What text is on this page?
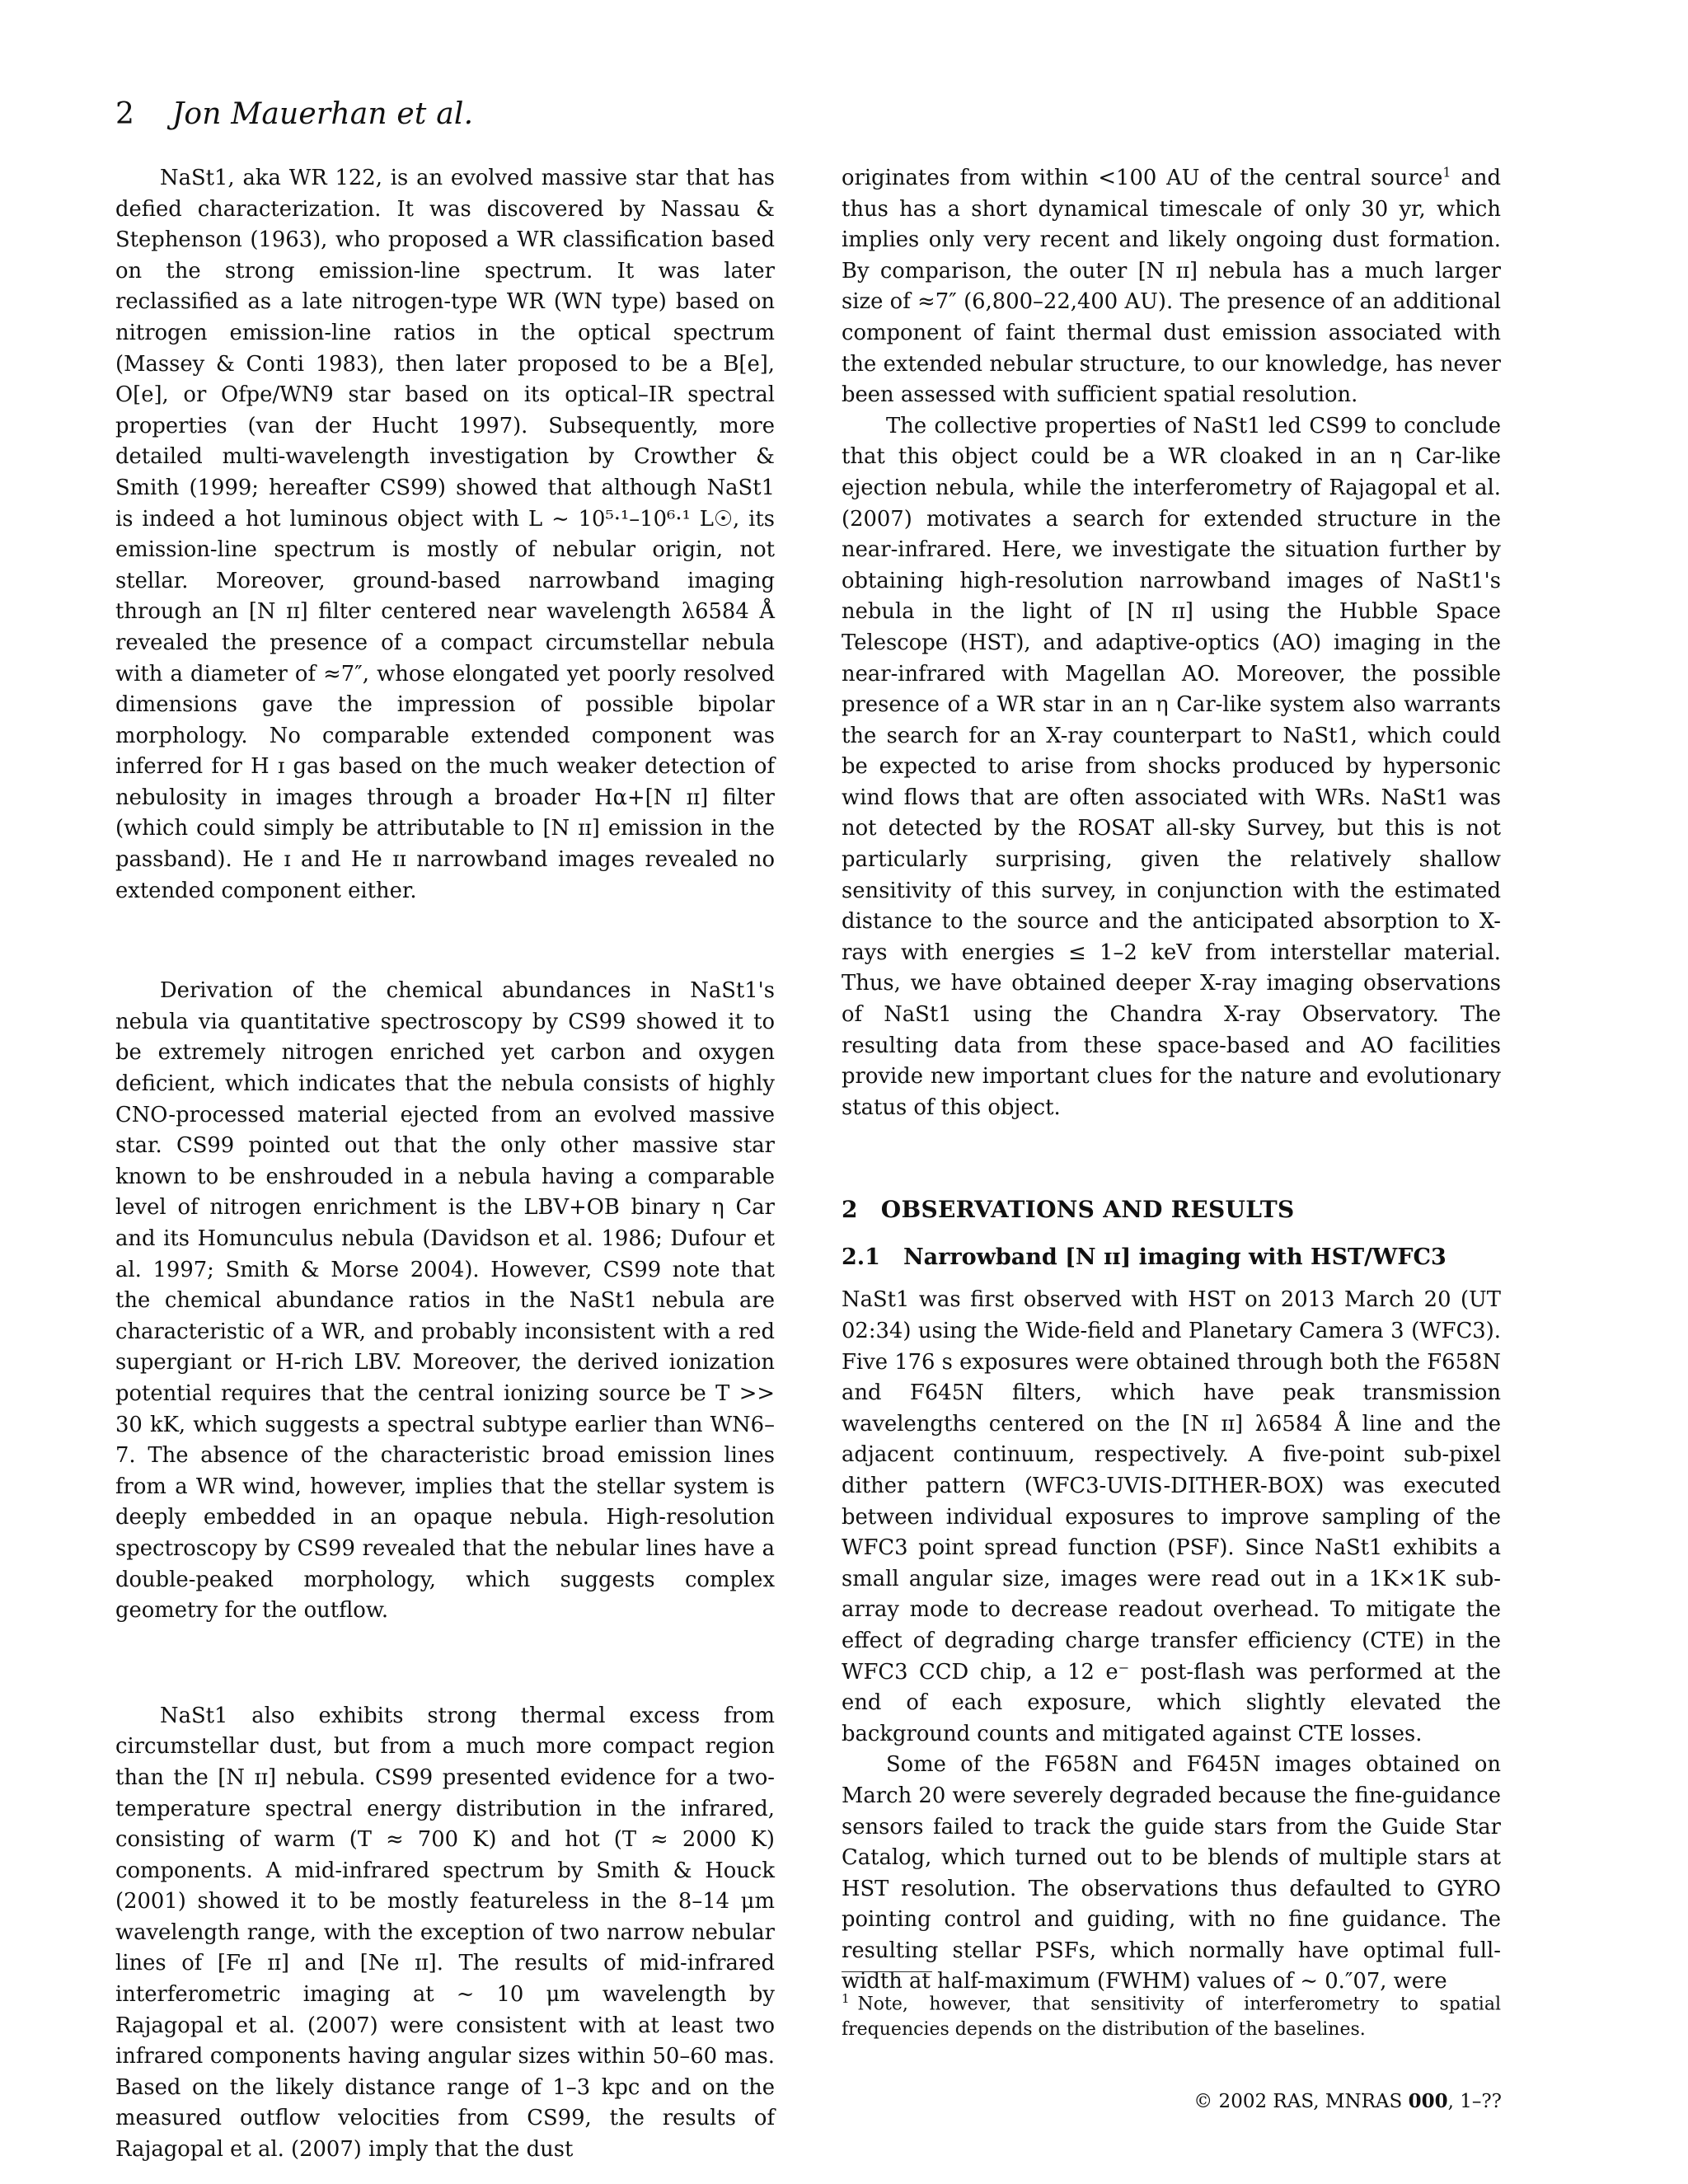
2 Jon Mauerhan et al.

NaSt1, aka WR 122, is an evolved massive star that has defied characterization. It was discovered by Nassau & Stephenson (1963), who proposed a WR classification based on the strong emission-line spectrum. It was later reclassified as a late nitrogen-type WR (WN type) based on nitrogen emission-line ratios in the optical spectrum (Massey & Conti 1983), then later proposed to be a B[e], O[e], or Ofpe/WN9 star based on its optical–IR spectral properties (van der Hucht 1997). Subsequently, more detailed multi-wavelength investigation by Crowther & Smith (1999; hereafter CS99) showed that although NaSt1 is indeed a hot luminous object with L ∼ 10⁵·¹–10⁶·¹ L☉, its emission-line spectrum is mostly of nebular origin, not stellar. Moreover, ground-based narrowband imaging through an [N ɪɪ] filter centered near wavelength λ6584 Å revealed the presence of a compact circumstellar nebula with a diameter of ≈7″, whose elongated yet poorly resolved dimensions gave the impression of possible bipolar morphology. No comparable extended component was inferred for H ɪ gas based on the much weaker detection of nebulosity in images through a broader Hα+[N ɪɪ] filter (which could simply be attributable to [N ɪɪ] emission in the passband). He ɪ and He ɪɪ narrowband images revealed no extended component either.

Derivation of the chemical abundances in NaSt1's nebula via quantitative spectroscopy by CS99 showed it to be extremely nitrogen enriched yet carbon and oxygen deficient, which indicates that the nebula consists of highly CNO-processed material ejected from an evolved massive star. CS99 pointed out that the only other massive star known to be enshrouded in a nebula having a comparable level of nitrogen enrichment is the LBV+OB binary η Car and its Homunculus nebula (Davidson et al. 1986; Dufour et al. 1997; Smith & Morse 2004). However, CS99 note that the chemical abundance ratios in the NaSt1 nebula are characteristic of a WR, and probably inconsistent with a red supergiant or H-rich LBV. Moreover, the derived ionization potential requires that the central ionizing source be T >> 30 kK, which suggests a spectral subtype earlier than WN6–7. The absence of the characteristic broad emission lines from a WR wind, however, implies that the stellar system is deeply embedded in an opaque nebula. High-resolution spectroscopy by CS99 revealed that the nebular lines have a double-peaked morphology, which suggests complex geometry for the outflow.

NaSt1 also exhibits strong thermal excess from circumstellar dust, but from a much more compact region than the [N ɪɪ] nebula. CS99 presented evidence for a two-temperature spectral energy distribution in the infrared, consisting of warm (T ≈ 700 K) and hot (T ≈ 2000 K) components. A mid-infrared spectrum by Smith & Houck (2001) showed it to be mostly featureless in the 8–14 μm wavelength range, with the exception of two narrow nebular lines of [Fe ɪɪ] and [Ne ɪɪ]. The results of mid-infrared interferometric imaging at ∼ 10 μm wavelength by Rajagopal et al. (2007) were consistent with at least two infrared components having angular sizes within 50–60 mas. Based on the likely distance range of 1–3 kpc and on the measured outflow velocities from CS99, the results of Rajagopal et al. (2007) imply that the dust

originates from within <100 AU of the central source$^1$ and thus has a short dynamical timescale of only 30 yr, which implies only very recent and likely ongoing dust formation. By comparison, the outer [N ɪɪ] nebula has a much larger size of ≈7″ (6,800–22,400 AU). The presence of an additional component of faint thermal dust emission associated with the extended nebular structure, to our knowledge, has never been assessed with sufficient spatial resolution.

The collective properties of NaSt1 led CS99 to conclude that this object could be a WR cloaked in an η Car-like ejection nebula, while the interferometry of Rajagopal et al. (2007) motivates a search for extended structure in the near-infrared. Here, we investigate the situation further by obtaining high-resolution narrowband images of NaSt1's nebula in the light of [N ɪɪ] using the Hubble Space Telescope (HST), and adaptive-optics (AO) imaging in the near-infrared with Magellan AO. Moreover, the possible presence of a WR star in an η Car-like system also warrants the search for an X-ray counterpart to NaSt1, which could be expected to arise from shocks produced by hypersonic wind flows that are often associated with WRs. NaSt1 was not detected by the ROSAT all-sky Survey, but this is not particularly surprising, given the relatively shallow sensitivity of this survey, in conjunction with the estimated distance to the source and the anticipated absorption to X-rays with energies ≤ 1–2 keV from interstellar material. Thus, we have obtained deeper X-ray imaging observations of NaSt1 using the Chandra X-ray Observatory. The resulting data from these space-based and AO facilities provide new important clues for the nature and evolutionary status of this object.

2 OBSERVATIONS AND RESULTS
2.1 Narrowband [N ɪɪ] imaging with HST/WFC3

NaSt1 was first observed with HST on 2013 March 20 (UT 02:34) using the Wide-field and Planetary Camera 3 (WFC3). Five 176 s exposures were obtained through both the F658N and F645N filters, which have peak transmission wavelengths centered on the [N ɪɪ] λ6584 Å line and the adjacent continuum, respectively. A five-point sub-pixel dither pattern (WFC3-UVIS-DITHER-BOX) was executed between individual exposures to improve sampling of the WFC3 point spread function (PSF). Since NaSt1 exhibits a small angular size, images were read out in a 1K×1K sub-array mode to decrease readout overhead. To mitigate the effect of degrading charge transfer efficiency (CTE) in the WFC3 CCD chip, a 12 e⁻ post-flash was performed at the end of each exposure, which slightly elevated the background counts and mitigated against CTE losses.

Some of the F658N and F645N images obtained on March 20 were severely degraded because the fine-guidance sensors failed to track the guide stars from the Guide Star Catalog, which turned out to be blends of multiple stars at HST resolution. The observations thus defaulted to GYRO pointing control and guiding, with no fine guidance. The resulting stellar PSFs, which normally have optimal full-width at half-maximum (FWHM) values of ∼ 0.″07, were

$^1$ Note, however, that sensitivity of interferometry to spatial frequencies depends on the distribution of the baselines.
© 2002 RAS, MNRAS 000, 1–??
